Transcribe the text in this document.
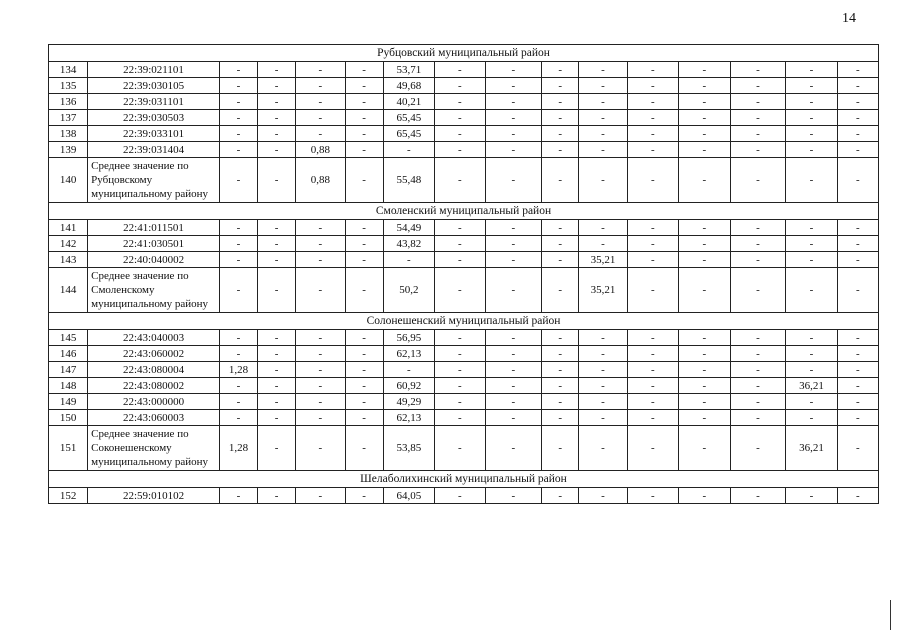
14
Рубцовский муниципальный район															
134	22:39:021101	-	-	-	-	53,71	-	-	-	-	-	-	-	-	-
135	22:39:030105	-	-	-	-	49,68	-	-	-	-	-	-	-	-	-
136	22:39:031101	-	-	-	-	40,21	-	-	-	-	-	-	-	-	-
137	22:39:030503	-	-	-	-	65,45	-	-	-	-	-	-	-	-	-
138	22:39:033101	-	-	-	-	65,45	-	-	-	-	-	-	-	-	-
139	22:39:031404	-	-	0,88	-	-	-	-	-	-	-	-	-	-	-
140	Среднее значение по Рубцовскому муниципальному району	-	-	0,88	-	55,48	-	-	-	-	-	-	-	-	-
Смоленский муниципальный район															
141	22:41:011501	-	-	-	-	54,49	-	-	-	-	-	-	-	-	-
142	22:41:030501	-	-	-	-	43,82	-	-	-	-	-	-	-	-	-
143	22:40:040002	-	-	-	-	-	-	-	-	35,21	-	-	-	-	-
144	Среднее значение по Смоленскому муниципальному району	-	-	-	-	50,2	-	-	-	35,21	-	-	-	-	-
Солонешенский муниципальный район															
145	22:43:040003	-	-	-	-	56,95	-	-	-	-	-	-	-	-	-
146	22:43:060002	-	-	-	-	62,13	-	-	-	-	-	-	-	-	-
147	22:43:080004	1,28	-	-	-	-	-	-	-	-	-	-	-	-	-
148	22:43:080002	-	-	-	-	60,92	-	-	-	-	-	-	-	36,21	-
149	22:43:000000	-	-	-	-	49,29	-	-	-	-	-	-	-	-	-
150	22:43:060003	-	-	-	-	62,13	-	-	-	-	-	-	-	-	-
151	Среднее значение по Соконешенскому муниципальному району	1,28	-	-	-	53,85	-	-	-	-	-	-	-	36,21	-
Шелаболихинский муниципальный район															
152	22:59:010102	-	-	-	-	64,05	-	-	-	-	-	-	-	-	-
